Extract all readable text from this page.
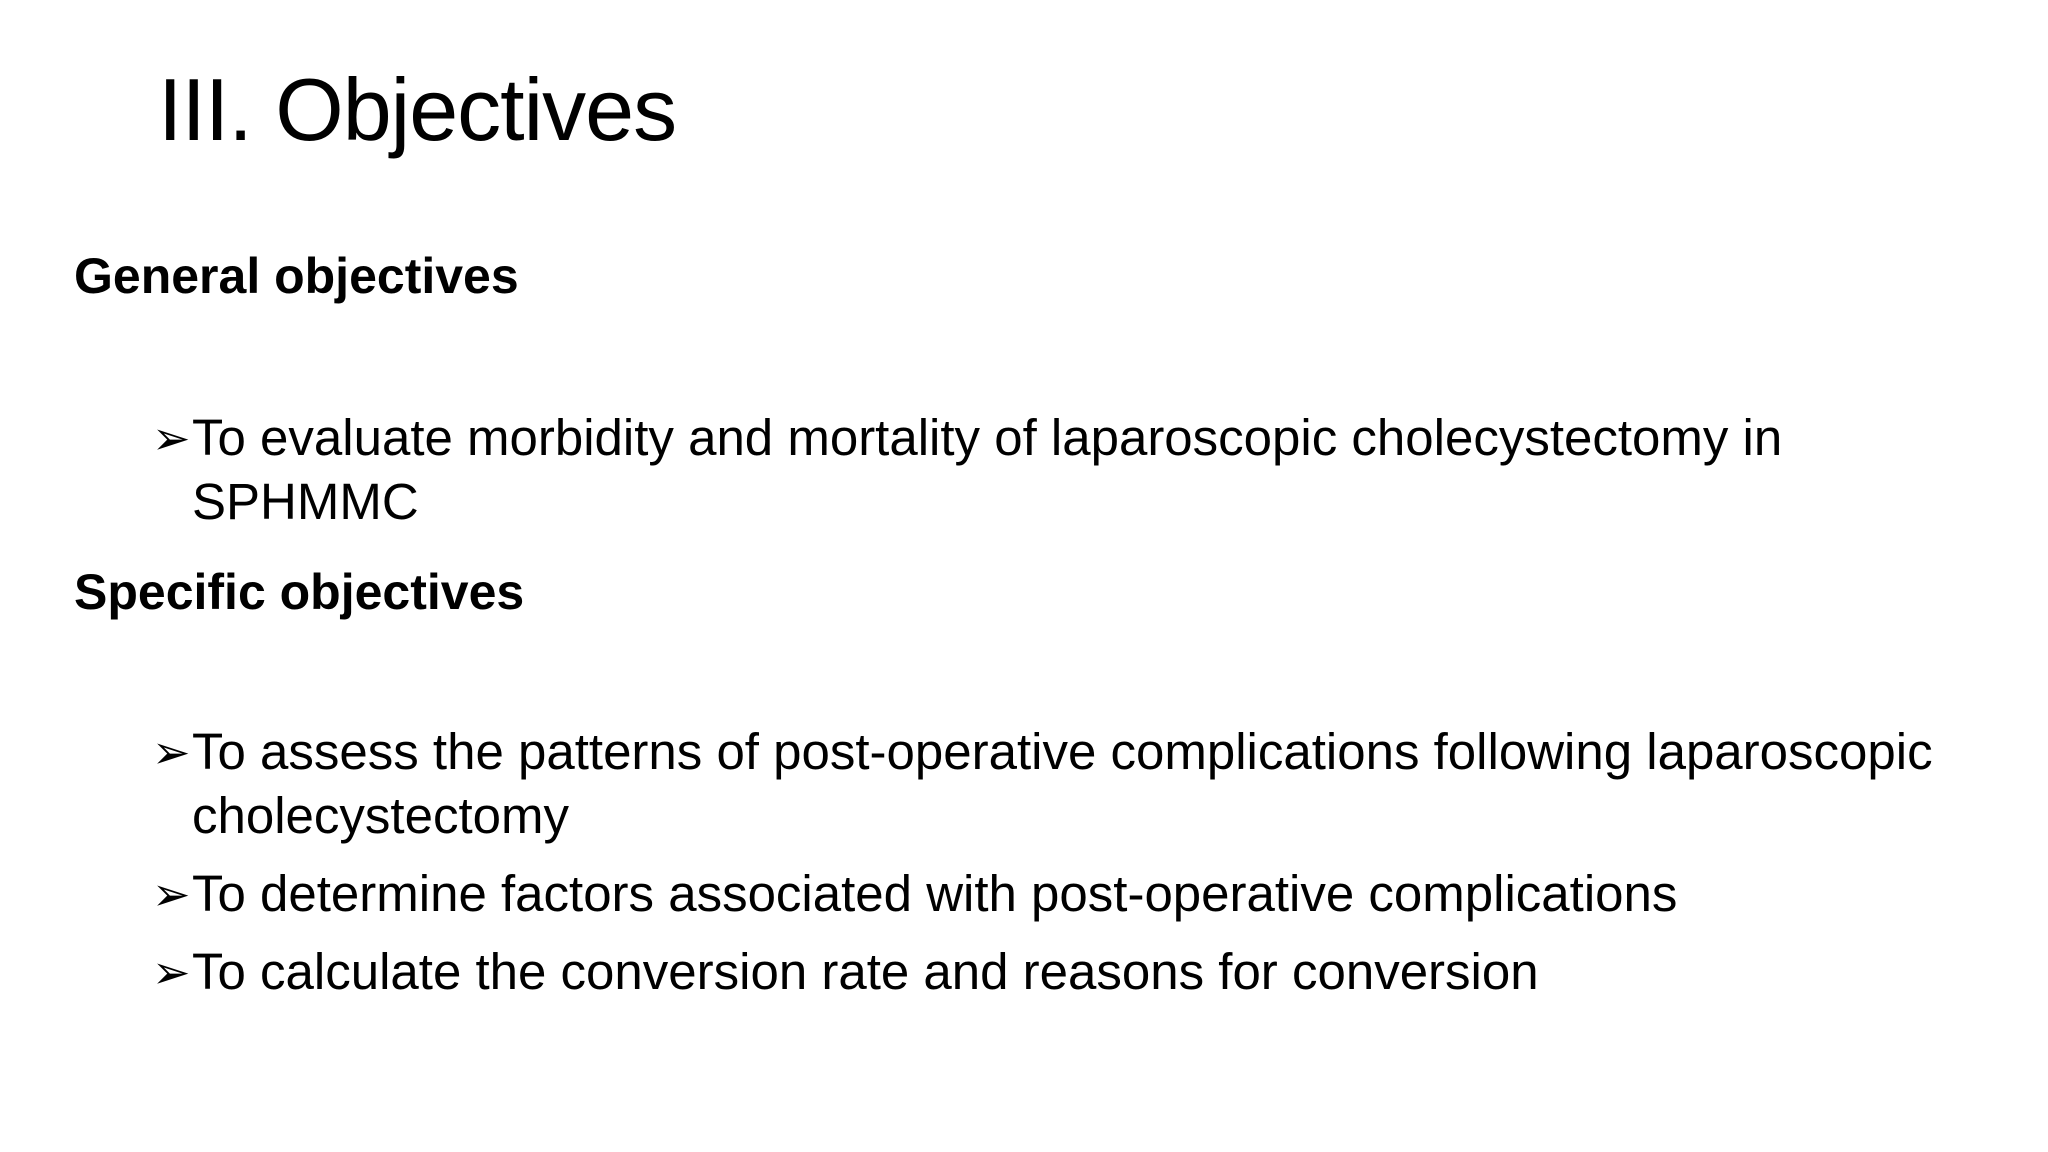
III. Objectives
General objectives
➢ To evaluate morbidity and mortality of laparoscopic cholecystectomy in SPHMMC
Specific objectives
➢ To assess the patterns of post-operative complications following laparoscopic cholecystectomy
➢ To determine factors associated with post-operative complications
➢ To calculate the conversion rate and reasons for conversion
